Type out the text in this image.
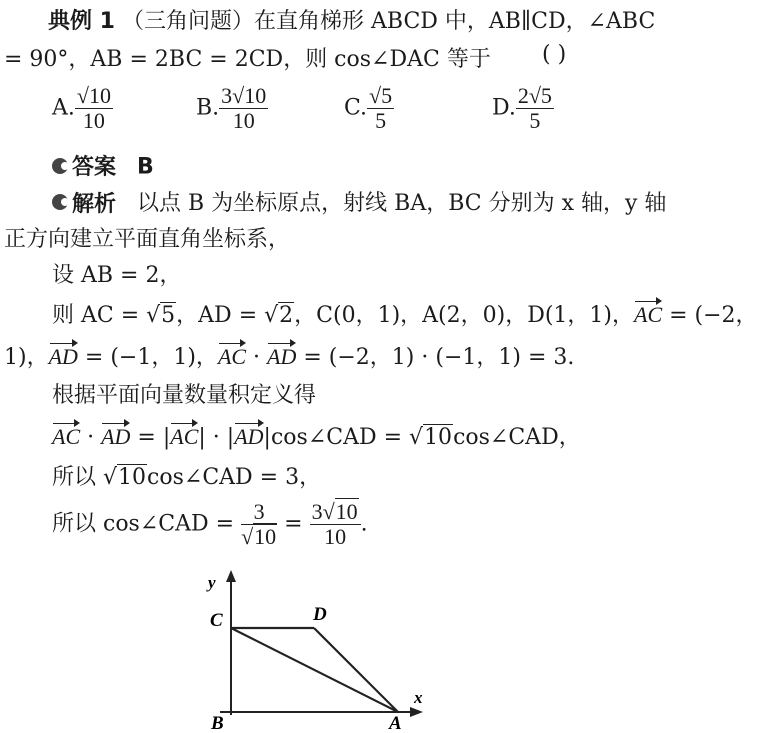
典例 1 （三角问题）在直角梯形 ABCD 中，AB∥CD，∠ABC
= 90°，AB = 2BC = 2CD，则 cos∠DAC 等于 ( )
A. $\frac{√10}{10}$	B. $\frac{3√10}{10}$	C. $\frac{√5}{5}$	D. $\frac{2√5}{5}$
答案 B
解析 以点 B 为坐标原点，射线 BA，BC 分别为 x 轴，y 轴
正方向建立平面直角坐标系，
设 AB = 2，
则 AC = √5，AD = √2，C(0，1)，A(2，0)，D(1，1)，AC = (−2，
1)，AD = (−1，1)，AC · AD = (−2，1) · (−1，1) = 3.
根据平面向量数量积定义得
AC · AD = |AC| · |AD|cos∠CAD = √10cos∠CAD，
所以 √10cos∠CAD = 3，
所以 cos∠CAD = $\frac{3}{√10} = \frac{3√10}{10}$ .
y
x
C	D
B	A
